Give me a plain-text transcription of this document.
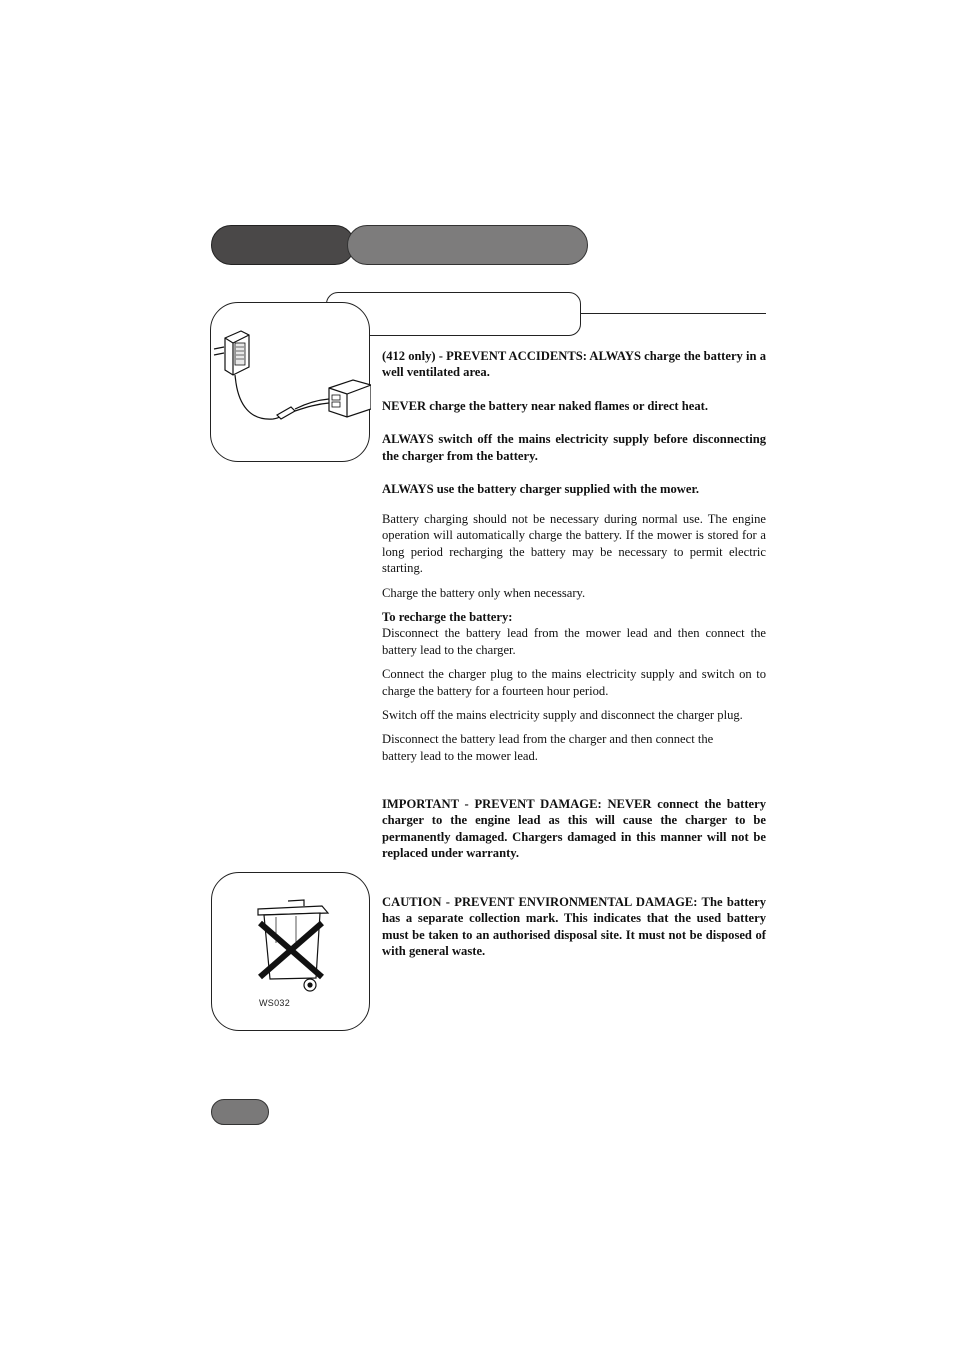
(412 only) - PREVENT ACCIDENTS: ALWAYS charge the battery in a well ventilated area.

NEVER charge the battery near naked flames or direct heat.

ALWAYS switch off the mains electricity supply before disconnecting the charger from the battery.

ALWAYS use the battery charger supplied with the mower.

Battery charging should not be necessary during normal use. The engine operation will automatically charge the battery. If the mower is stored for a long period recharging the battery may be necessary to permit electric starting.

Charge the battery only when necessary.

To recharge the battery:

Disconnect the battery lead from the mower lead and then connect the battery lead to the charger.

Connect the charger plug to the mains electricity supply and switch on to charge the battery for a fourteen hour period.

Switch off the mains electricity supply and disconnect the charger plug.

Disconnect the battery lead from the charger and then connect the battery lead to the mower lead.

IMPORTANT - PREVENT DAMAGE: NEVER connect the battery charger to the engine lead as this will cause the charger to be permanently damaged. Chargers damaged in this manner will not be replaced under warranty.

WS032

CAUTION - PREVENT ENVIRONMENTAL DAMAGE: The battery has a separate collection mark. This indicates that the used battery must be taken to an authorised disposal site. It must not be disposed of with general waste.
